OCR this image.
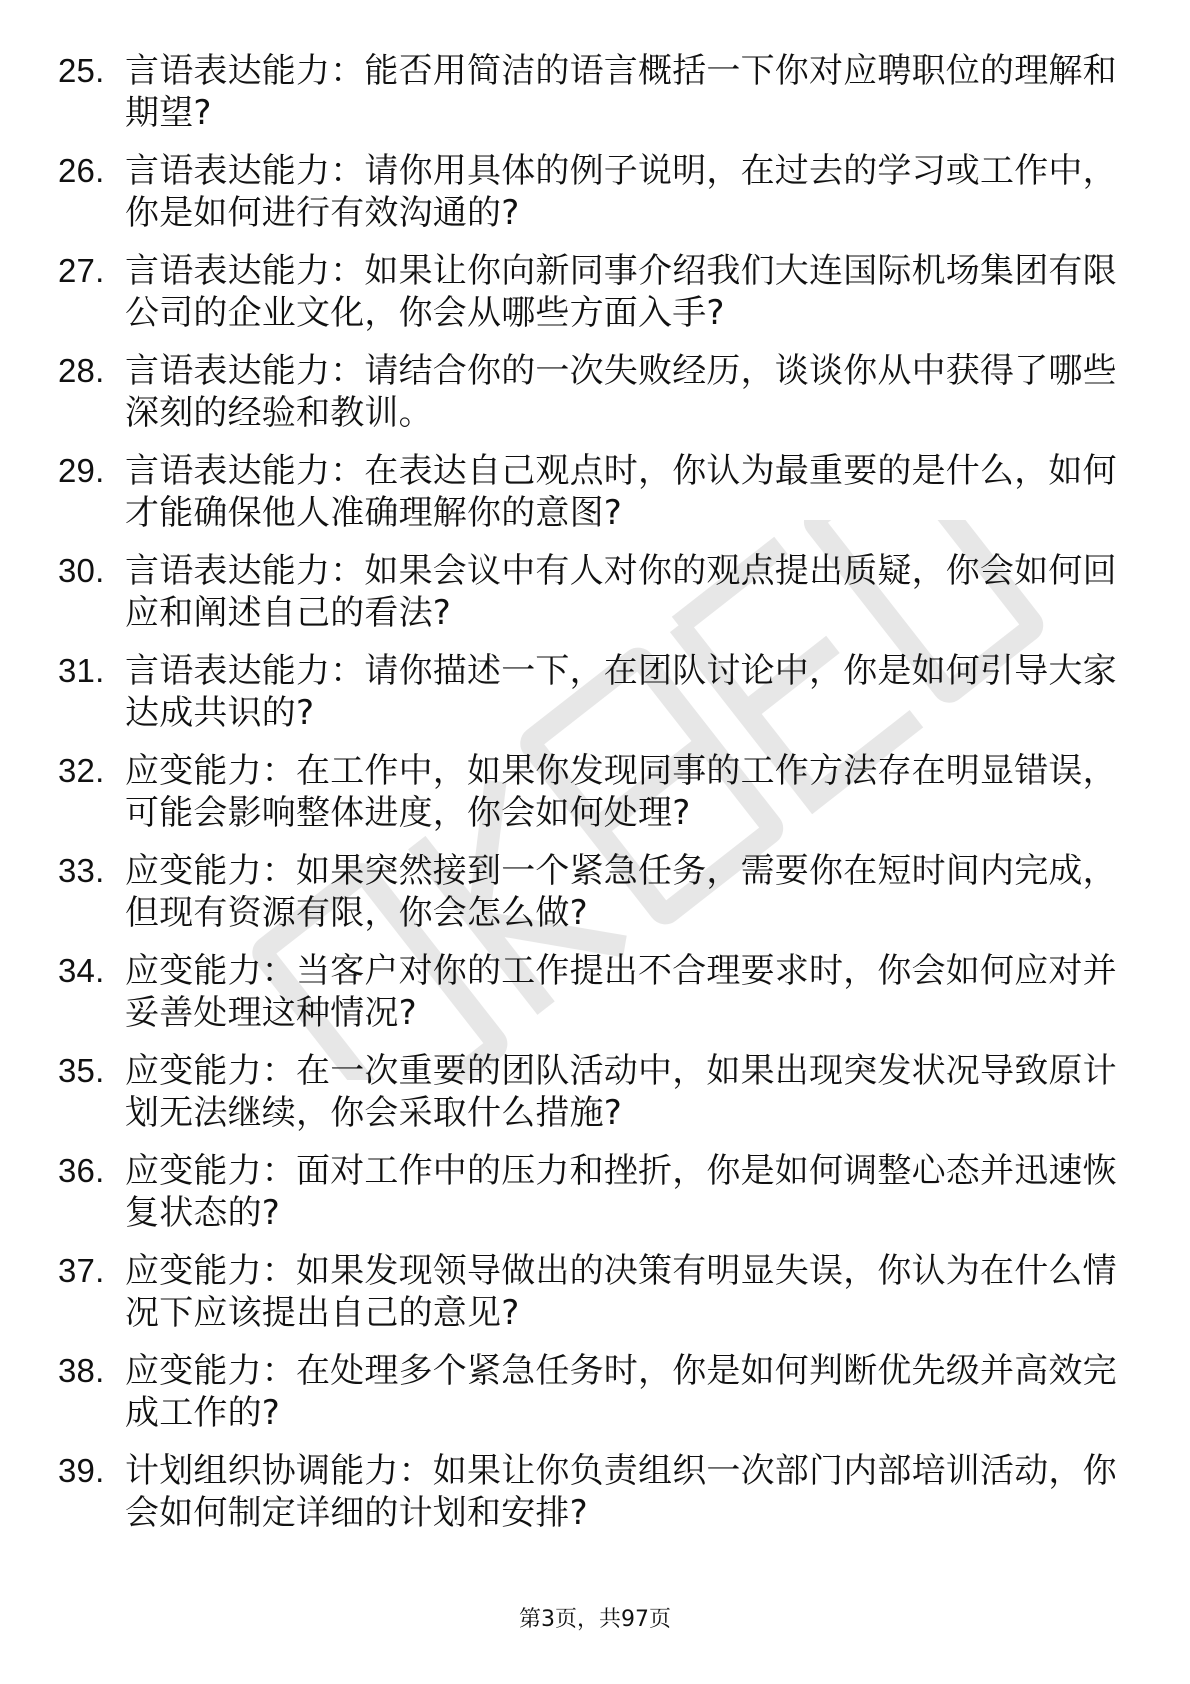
25. 言语表达能力：能否用简洁的语言概括一下你对应聘职位的理解和期望?
26. 言语表达能力：请你用具体的例子说明，在过去的学习或工作中，你是如何进行有效沟通的?
27. 言语表达能力：如果让你向新同事介绍我们大连国际机场集团有限公司的企业文化，你会从哪些方面入手?
28. 言语表达能力：请结合你的一次失败经历，谈谈你从中获得了哪些深刻的经验和教训。
29. 言语表达能力：在表达自己观点时，你认为最重要的是什么，如何才能确保他人准确理解你的意图?
30. 言语表达能力：如果会议中有人对你的观点提出质疑，你会如何回应和阐述自己的看法?
31. 言语表达能力：请你描述一下，在团队讨论中，你是如何引导大家达成共识的?
32. 应变能力：在工作中，如果你发现同事的工作方法存在明显错误，可能会影响整体进度，你会如何处理?
33. 应变能力：如果突然接到一个紧急任务，需要你在短时间内完成，但现有资源有限，你会怎么做?
34. 应变能力：当客户对你的工作提出不合理要求时，你会如何应对并妥善处理这种情况?
35. 应变能力：在一次重要的团队活动中，如果出现突发状况导致原计划无法继续，你会采取什么措施?
36. 应变能力：面对工作中的压力和挫折，你是如何调整心态并迅速恢复状态的?
37. 应变能力：如果发现领导做出的决策有明显失误，你认为在什么情况下应该提出自己的意见?
38. 应变能力：在处理多个紧急任务时，你是如何判断优先级并高效完成工作的?
39. 计划组织协调能力：如果让你负责组织一次部门内部培训活动，你会如何制定详细的计划和安排?
第3页，共97页
